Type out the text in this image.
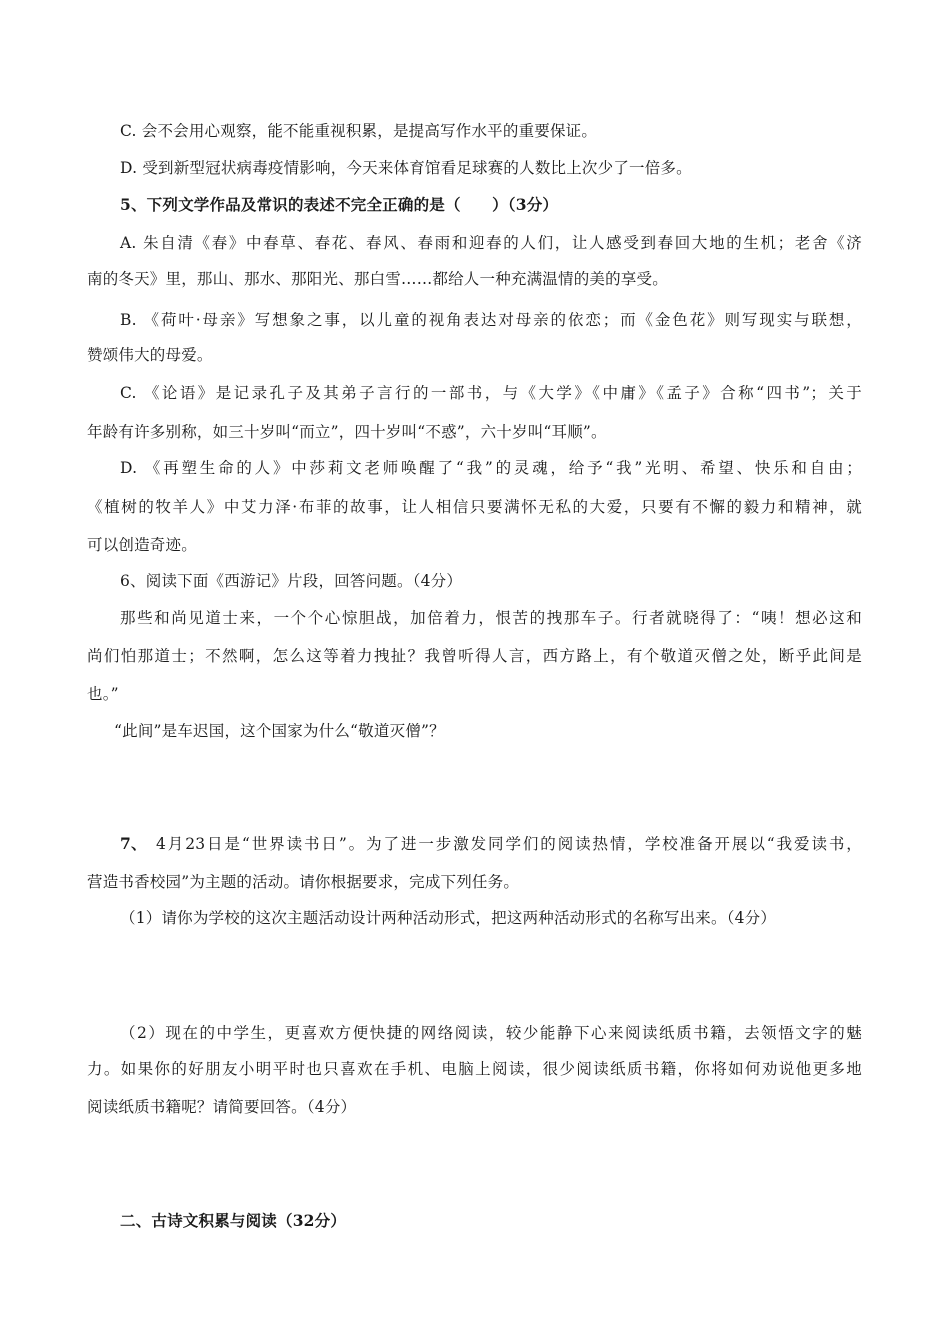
C. 会不会用心观察，能不能重视积累，是提高写作水平的重要保证。
D. 受到新型冠状病毒疫情影响，今天来体育馆看足球赛的人数比上次少了一倍多。
5、下列文学作品及常识的表述不完全正确的是（　　）（3分）
A. 朱自清《春》中春草、春花、春风、春雨和迎春的人们，让人感受到春回大地的生机；老舍《济
南的冬天》里，那山、那水、那阳光、那白雪……都给人一种充满温情的美的享受。
B. 《荷叶·母亲》写想象之事，以儿童的视角表达对母亲的依恋；而《金色花》则写现实与联想，
赞颂伟大的母爱。
C. 《论语》是记录孔子及其弟子言行的一部书，与《大学》《中庸》《孟子》合称“四书”；关于
年龄有许多别称，如三十岁叫“而立”，四十岁叫“不惑”，六十岁叫“耳顺”。
D. 《再塑生命的人》中莎莉文老师唤醒了“我”的灵魂，给予“我”光明、希望、快乐和自由；
《植树的牧羊人》中艾力泽·布菲的故事，让人相信只要满怀无私的大爱，只要有不懈的毅力和精神，就
可以创造奇迹。
6、阅读下面《西游记》片段，回答问题。（4分）
那些和尚见道士来，一个个心惊胆战，加倍着力，恨苦的拽那车子。行者就晓得了：“咦！想必这和
尚们怕那道士；不然啊，怎么这等着力拽扯？我曾听得人言，西方路上，有个敬道灭僧之处，断乎此间是
也。”
“此间”是车迟国，这个国家为什么“敬道灭僧”？
7、 4月23日是“世界读书日”。为了进一步激发同学们的阅读热情，学校准备开展以“我爱读书，
营造书香校园”为主题的活动。请你根据要求，完成下列任务。
（1）请你为学校的这次主题活动设计两种活动形式，把这两种活动形式的名称写出来。（4分）
（2）现在的中学生，更喜欢方便快捷的网络阅读，较少能静下心来阅读纸质书籍，去领悟文字的魅
力。如果你的好朋友小明平时也只喜欢在手机、电脑上阅读，很少阅读纸质书籍，你将如何劝说他更多地
阅读纸质书籍呢？请简要回答。（4分）
二、古诗文积累与阅读（32分）
